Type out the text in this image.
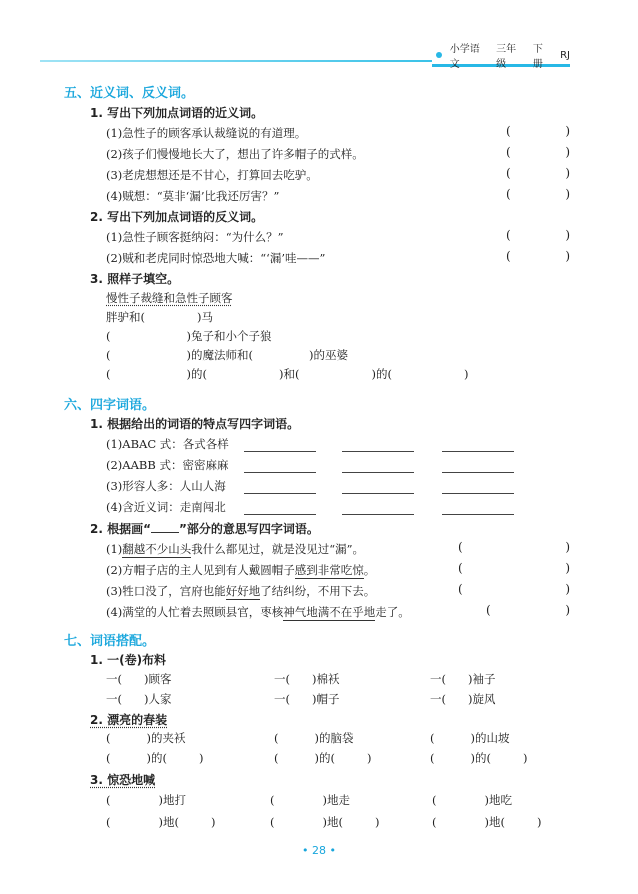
小学语文
三年级
下册
RJ
五、近义词、反义词。
1. 写出下列加点词语的近义词。
(1)急性子的顾客承认裁缝说的有道理。	(	)
(2)孩子们慢慢地长大了，想出了许多帽子的式样。	(	)
(3)老虎想想还是不甘心，打算回去吃驴。	(	)
(4)贼想：“莫非‘漏’比我还厉害？”	(	)
2. 写出下列加点词语的反义词。
(1)急性子顾客挺纳闷：“为什么？”	(	)
(2)贼和老虎同时惊恐地大喊：“‘漏’哇——”	(	)
3. 照样子填空。
慢性子裁缝和急性子顾客
胖驴和(	)马
(	)兔子和小个子狼
(	)的魔法师和(	)的巫婆
(	)的(	)和(	)的(	)
六、四字词语。
1. 根据给出的词语的特点写四字词语。
(1)ABAC 式：各式各样
(2)AABB 式：密密麻麻
(3)形容人多：人山人海
(4)含近义词：走南闯北
2. 根据画“ ”部分的意思写四字词语。
(1)翻越不少山头我什么都见过，就是没见过“漏”。	(	)
(2)方帽子店的主人见到有人戴圆帽子感到非常吃惊。	(	)
(3)牲口没了，宫府也能好好地了结纠纷，不用下去。	(	)
(4)满堂的人忙着去照顾县官，枣核神气地满不在乎地走了。	(	)
七、词语搭配。
1. 一(卷)布料
一( )顾客	一( )棉袄	一( )袖子
一( )人家	一( )帽子	一( )旋风
2. 漂亮的春装
(	)的夹袄	(	)的脑袋	(	)的山坡
(	)的(	)	(	)的(	)	(	)的(	)
3. 惊恐地喊
(	)地打	(	)地走	(	)地吃
(	)地(	)	(	)地(	)	(	)地(	)
• 28 •
